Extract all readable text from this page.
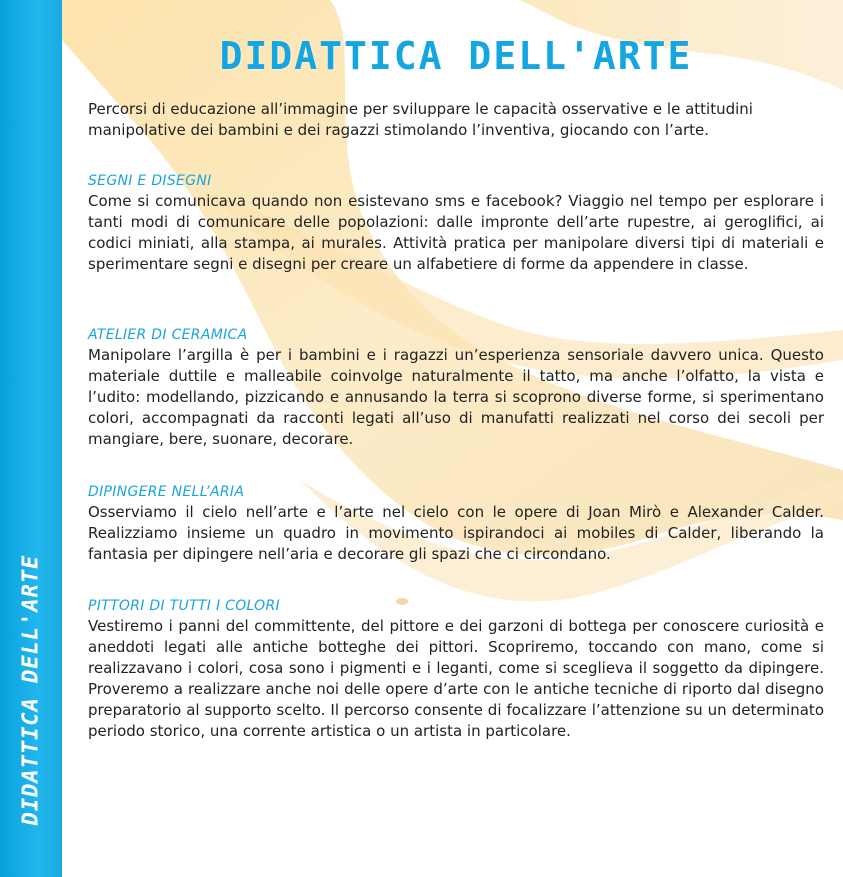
DIDATTICA DELL'ARTE
DIDATTICA DELL'ARTE

Percorsi di educazione all’immagine per sviluppare le capacità osservative e le attitudini manipolative dei bambini e dei ragazzi stimolando l’inventiva, giocando con l’arte.

SEGNI E DISEGNI

Come si comunicava quando non esistevano sms e facebook? Viaggio nel tempo per esplorare i tanti modi di comunicare delle popolazioni: dalle impronte dell’arte rupestre, ai geroglifici, ai codici miniati, alla stampa, ai murales. Attività pratica per manipolare diversi tipi di materiali e sperimentare segni e disegni per creare un alfabetiere di forme da appendere in classe.

ATELIER DI CERAMICA

Manipolare l’argilla è per i bambini e i ragazzi un’esperienza sensoriale davvero unica. Questo materiale duttile e malleabile coinvolge naturalmente il tatto, ma anche l’olfatto, la vista e l’udito: modellando, pizzicando e annusando la terra si scoprono diverse forme, si sperimentano colori, accompagnati da racconti legati all’uso di manufatti realizzati nel corso dei secoli per mangiare, bere, suonare, decorare.

DIPINGERE NELL’ARIA

Osserviamo il cielo nell’arte e l’arte nel cielo con le opere di Joan Mirò e Alexander Calder. Realizziamo insieme un quadro in movimento ispirandoci ai mobiles di Calder, liberando la fantasia per dipingere nell’aria e decorare gli spazi che ci circondano.

PITTORI DI TUTTI I COLORI

Vestiremo i panni del committente, del pittore e dei garzoni di bottega per conoscere curiosità e aneddoti legati alle antiche botteghe dei pittori. Scopriremo, toccando con mano, come si realizzavano i colori, cosa sono i pigmenti e i leganti, come si sceglieva il soggetto da dipingere. Proveremo a realizzare anche noi delle opere d’arte con le antiche tecniche di riporto dal disegno preparatorio al supporto scelto. Il percorso consente di focalizzare l’attenzione su un determinato periodo storico, una corrente artistica o un artista in particolare.
